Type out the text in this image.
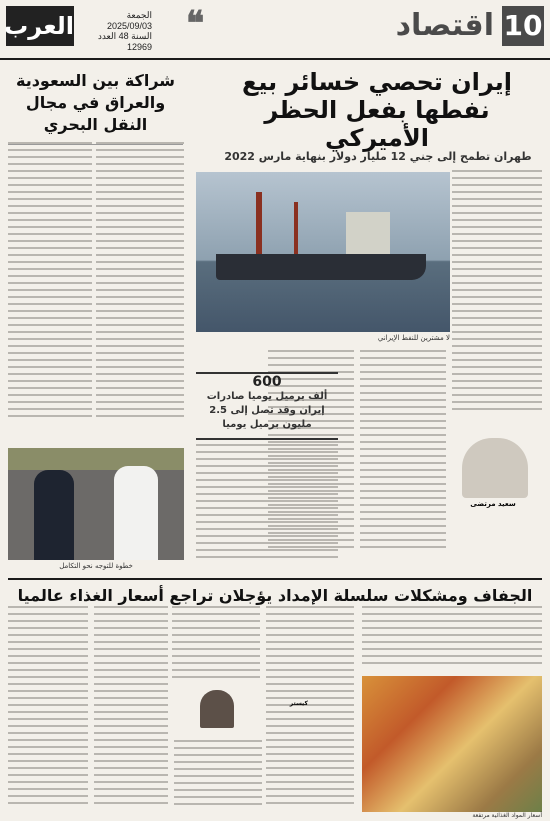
10
اقتصاد
❝
العرب	الجمعة 2025/09/03
السنة 48 العدد 12969
إيران تحصي خسائر بيع نفطها بفعل الحظر الأميركي
طهران تطمح إلى جني 12 مليار دولار بنهاية مارس 2022
شراكة بين السعودية والعراق في مجال النقل البحري
لا مشترين للنفط الإيراني
600
ألف برميل يوميا صادرات إيران وقد تصل إلى 2.5 مليون برميل يوميا
سعيد مرتضى
خطوة للتوجه نحو التكامل
الجفاف ومشكلات سلسلة الإمداد يؤجلان تراجع أسعار الغذاء عالميا
كيستر
أسعار المواد الغذائية مرتفعة
